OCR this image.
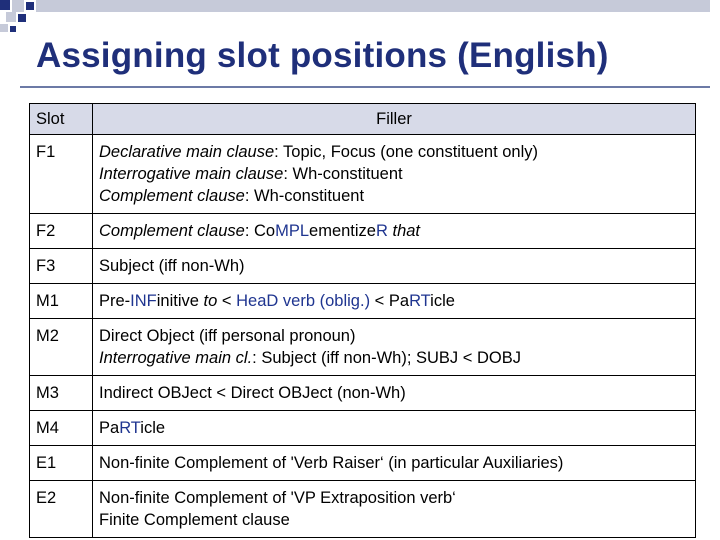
Assigning slot positions (English)
Slot	Filler
F1	Declarative main clause: Topic, Focus (one constituent only)
Interrogative main clause: Wh-constituent
Complement clause: Wh-constituent

F2	Complement clause: CoMPLementizeR that

F3	Subject (iff non-Wh)

M1	Pre-INFinitive to < HeaD verb (oblig.) < PaRTicle

M2	Direct Object (iff personal pronoun)
Interrogative main cl.: Subject (iff non-Wh); SUBJ < DOBJ

M3	Indirect OBJect < Direct OBJect (non-Wh)

M4	PaRTicle

E1	Non-finite Complement of 'Verb Raiser‘ (in particular Auxiliaries)

E2	Non-finite Complement of 'VP Extraposition verb‘
Finite Complement clause
